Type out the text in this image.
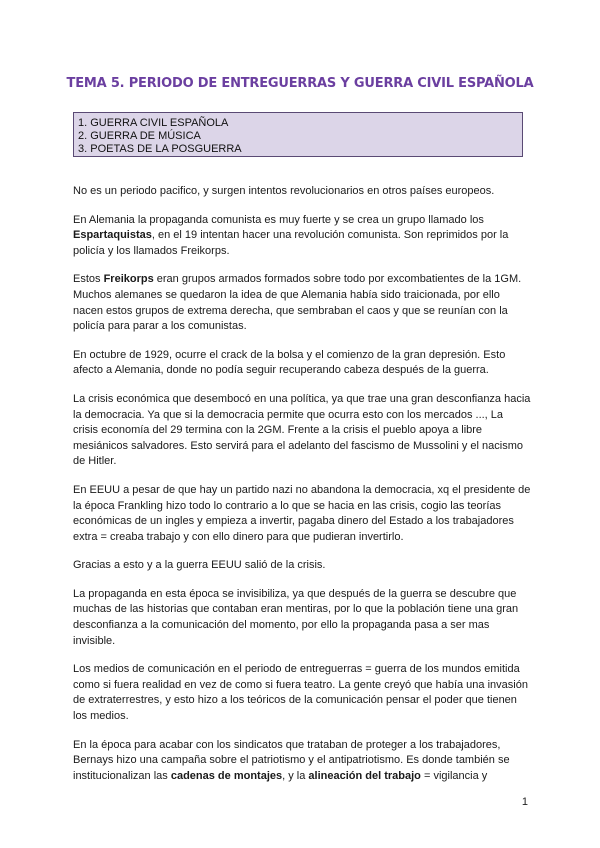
TEMA 5. PERIODO DE ENTREGUERRAS Y GUERRA CIVIL ESPAÑOLA
1. GUERRA CIVIL ESPAÑOLA
2. GUERRA DE MÚSICA
3. POETAS DE LA POSGUERRA

No es un periodo pacifico, y surgen intentos revolucionarios en otros países europeos.

En Alemania la propaganda comunista es muy fuerte y se crea un grupo llamado los Espartaquistas, en el 19 intentan hacer una revolución comunista. Son reprimidos por la policía y los llamados Freikorps.

Estos Freikorps eran grupos armados formados sobre todo por excombatientes de la 1GM. Muchos alemanes se quedaron la idea de que Alemania había sido traicionada, por ello nacen estos grupos de extrema derecha, que sembraban el caos y que se reunían con la policía para parar a los comunistas.

En octubre de 1929, ocurre el crack de la bolsa y el comienzo de la gran depresión. Esto afecto a Alemania, donde no podía seguir recuperando cabeza después de la guerra.

La crisis económica que desembocó en una política, ya que trae una gran desconfianza hacia la democracia. Ya que si la democracia permite que ocurra esto con los mercados ..., La crisis economía del 29 termina con la 2GM. Frente a la crisis el pueblo apoya a libre mesiánicos salvadores. Esto servirá para el adelanto del fascismo de Mussolini y el nacismo de Hitler.

En EEUU a pesar de que hay un partido nazi no abandona la democracia, xq el presidente de la época Frankling hizo todo lo contrario a lo que se hacia en las crisis, cogio las teorías económicas de un ingles y empieza a invertir, pagaba dinero del Estado a los trabajadores extra = creaba trabajo y con ello dinero para que pudieran invertirlo.

Gracias a esto y a la guerra EEUU salió de la crisis.

La propaganda en esta época se invisibiliza, ya que después de la guerra se descubre que muchas de las historias que contaban eran mentiras, por lo que la población tiene una gran desconfianza a la comunicación del momento, por ello la propaganda pasa a ser mas invisible.

Los medios de comunicación en el periodo de entreguerras = guerra de los mundos emitida como si fuera realidad en vez de como si fuera teatro. La gente creyó que había una invasión de extraterrestres, y esto hizo a los teóricos de la comunicación pensar el poder que tienen los medios.

En la época para acabar con los sindicatos que trataban de proteger a los trabajadores, Bernays hizo una campaña sobre el patriotismo y el antipatriotismo. Es donde también se institucionalizan las cadenas de montajes, y la alineación del trabajo = vigilancia y

1
